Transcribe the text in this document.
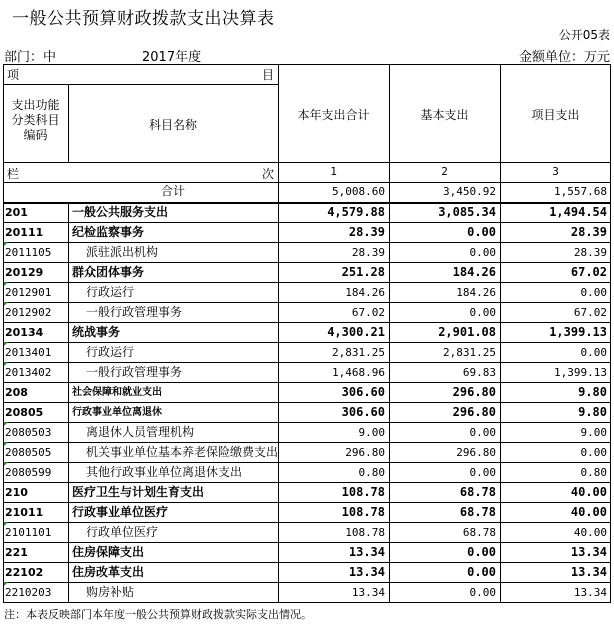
一般公共预算财政拨款支出决算表
公开05表
部门：中	2017年度	金额单位：万元
项	目
支出功能
分类科目
编码
科目名称
本年支出合计	基本支出	项目支出
栏	次	1	2	3
合计	5,008.60	3,450.92	1,557.68
201	一般公共服务支出	4,579.88	3,085.34	1,494.54
20111 纪检监察事务	28.39	0.00	28.39
2011105	派驻派出机构	28.39	0.00	28.39
20129 群众团体事务	251.28	184.26	67.02
2012901	行政运行	184.26	184.26	0.00
2012902	一般行政管理事务	67.02	0.00	67.02
20134 统战事务	4,300.21	2,901.08	1,399.13
2013401	行政运行	2,831.25	2,831.25	0.00
2013402	一般行政管理事务	1,468.96	69.83	1,399.13
208	社会保障和就业支出	306.60	296.80	9.80
20805	行政事业单位离退休	306.60	296.80	9.80
2080503	离退休人员管理机构	9.00	0.00	9.00
2080505	机关事业单位基本养老保险缴费支出	296.80	296.80	0.00
2080599	其他行政事业单位离退休支出	0.80	0.00	0.80
210	医疗卫生与计划生育支出	108.78	68.78	40.00
21011 行政事业单位医疗	108.78	68.78	40.00
2101101	行政单位医疗	108.78	68.78	40.00
221	住房保障支出	13.34	0.00	13.34
22102 住房改革支出	13.34	0.00	13.34
2210203	购房补贴	13.34	0.00	13.34
注：本表反映部门本年度一般公共预算财政拨款实际支出情况。
